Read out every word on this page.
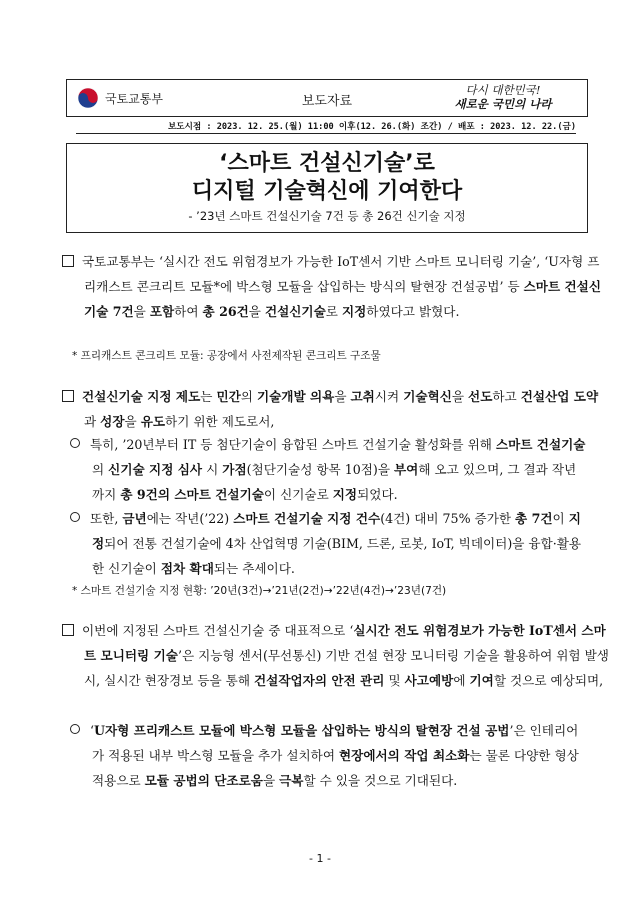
국토교통부	보도자료
다시 대한민국!
새로운 국민의 나라
보도시점 : 2023. 12. 25.(월) 11:00 이후(12. 26.(화) 조간) / 배포 : 2023. 12. 22.(금)
‘스마트 건설신기술’로
디지털 기술혁신에 기여한다
- ’23년 스마트 건설신기술 7건 등 총 26건 신기술 지정
국토교통부는 ‘실시간 전도 위험경보가 가능한 IoT센서 기반 스마트 모니터링 기술’, ‘U자형 프리캐스트 콘크리트 모듈*에 박스형 모듈을 삽입하는 방식의 탈현장 건설공법’ 등 스마트 건설신기술 7건을 포함하여 총 26건을 건설신기술로 지정하였다고 밝혔다.
* 프리캐스트 콘크리트 모듈: 공장에서 사전제작된 콘크리트 구조물
건설신기술 지정 제도는 민간의 기술개발 의욕을 고취시켜 기술혁신을 선도하고 건설산업 도약과 성장을 유도하기 위한 제도로서,
특히, ’20년부터 IT 등 첨단기술이 융합된 스마트 건설기술 활성화를 위해 스마트 건설기술의 신기술 지정 심사 시 가점(첨단기술성 항목 10점)을 부여해 오고 있으며, 그 결과 작년까지 총 9건의 스마트 건설기술이 신기술로 지정되었다.
또한, 금년에는 작년(’22) 스마트 건설기술 지정 건수(4건) 대비 75% 증가한 총 7건이 지정되어 전통 건설기술에 4차 산업혁명 기술(BIM, 드론, 로봇, IoT, 빅데이터)을 융합·활용한 신기술이 점차 확대되는 추세이다.
* 스마트 건설기술 지정 현황: ’20년(3건)→’21년(2건)→’22년(4건)→’23년(7건)
이번에 지정된 스마트 건설신기술 중 대표적으로 ‘실시간 전도 위험경보가 가능한 IoT센서 스마트 모니터링 기술’은 지능형 센서(무선통신) 기반 건설 현장 모니터링 기술을 활용하여 위험 발생 시, 실시간 현장경보 등을 통해 건설작업자의 안전 관리 및 사고예방에 기여할 것으로 예상되며,
‘U자형 프리캐스트 모듈에 박스형 모듈을 삽입하는 방식의 탈현장 건설 공법’은 인테리어가 적용된 내부 박스형 모듈을 추가 설치하여 현장에서의 작업 최소화는 물론 다양한 형상 적용으로 모듈 공법의 단조로움을 극복할 수 있을 것으로 기대된다.
- 1 -
